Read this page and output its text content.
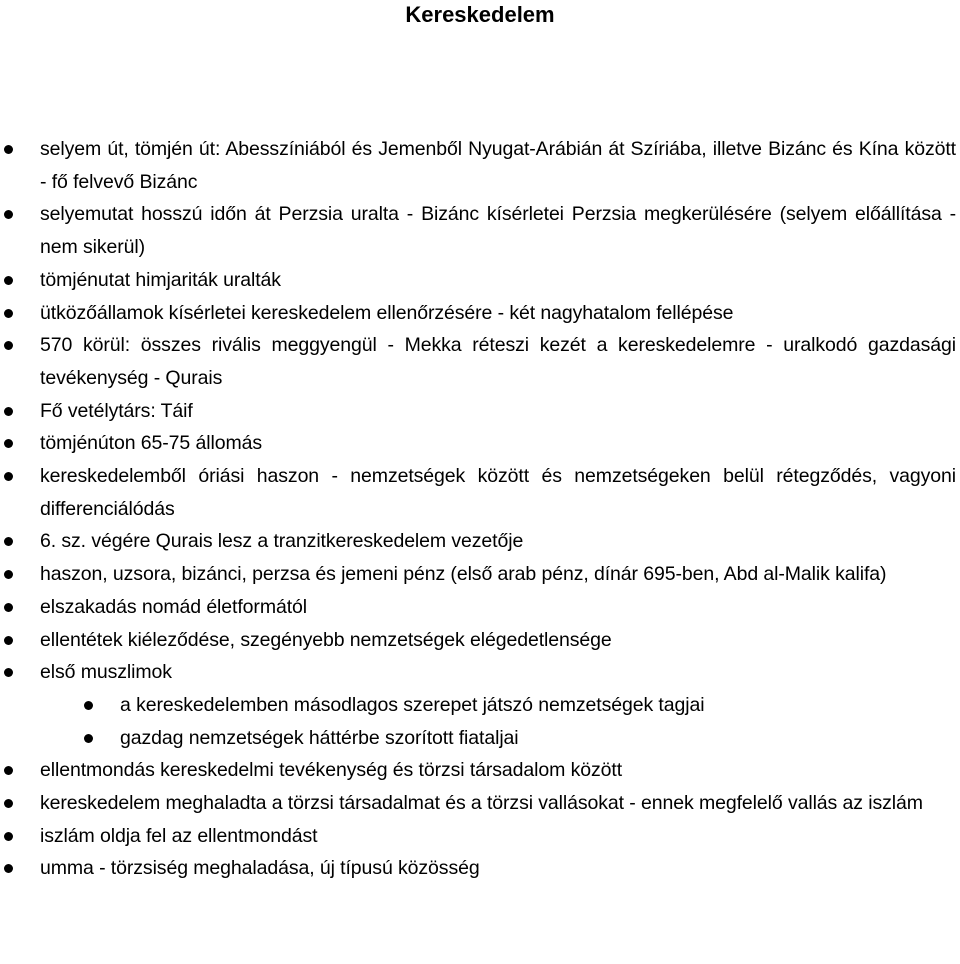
Kereskedelem
selyem út, tömjén út: Abesszíniából és Jemenből Nyugat-Arábián át Szíriába, illetve Bizánc és Kína között - fő felvevő Bizánc
selyemutat hosszú időn át Perzsia uralta - Bizánc kísérletei Perzsia megkerülésére (selyem előállítása - nem sikerül)
tömjénutat himjariták uralták
ütközőállamok kísérletei kereskedelem ellenőrzésére - két nagyhatalom fellépése
570 körül: összes rivális meggyengül - Mekka réteszi kezét a kereskedelemre - uralkodó gazdasági tevékenység - Qurais
Fő vetélytárs: Táif
tömjénúton 65-75 állomás
kereskedelemből óriási haszon - nemzetségek között és nemzetségeken belül rétegződés, vagyoni differenciálódás
6. sz. végére Qurais lesz a tranzitkereskedelem vezetője
haszon, uzsora, bizánci, perzsa és jemeni pénz (első arab pénz, dínár 695-ben, Abd al-Malik kalifa)
elszakadás nomád életformától
ellentétek kiéleződése, szegényebb nemzetségek elégedetlensége
első muszlimok
a kereskedelemben másodlagos szerepet játszó nemzetségek tagjai
gazdag nemzetségek háttérbe szorított fiataljai
ellentmondás kereskedelmi tevékenység és törzsi társadalom között
kereskedelem meghaladta a törzsi társadalmat és a törzsi vallásokat - ennek megfelelő vallás az iszlám
iszlám oldja fel az ellentmondást
umma - törzsiség meghaladása, új típusú közösség
